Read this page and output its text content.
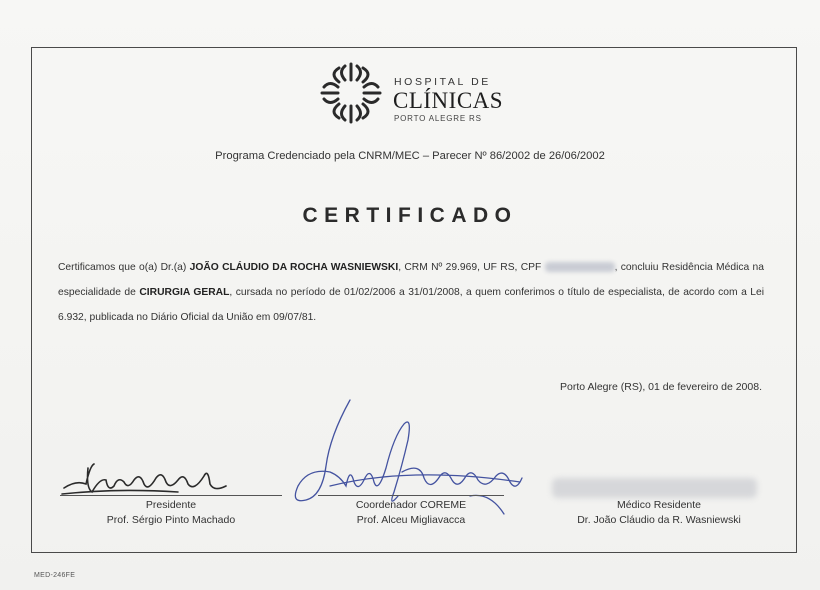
HOSPITAL DE
CLÍNICAS
PORTO ALEGRE RS
Programa Credenciado pela CNRM/MEC – Parecer Nº 86/2002 de 26/06/2002
CERTIFICADO
Certificamos que o(a) Dr.(a) JOÃO CLÁUDIO DA ROCHA WASNIEWSKI, CRM Nº 29.969, UF RS, CPF	, concluiu Residência Médica na especialidade de CIRURGIA GERAL, cursada no período de 01/02/2006 a 31/01/2008, a quem conferimos o título de especialista, de acordo com a Lei 6.932, publicada no Diário Oficial da União em 09/07/81.
Porto Alegre (RS), 01 de fevereiro de 2008.
Presidente
Prof. Sérgio Pinto Machado
Coordenador COREME
Prof. Alceu Migliavacca
Médico Residente
Dr. João Cláudio da R. Wasniewski
MED-246FE
